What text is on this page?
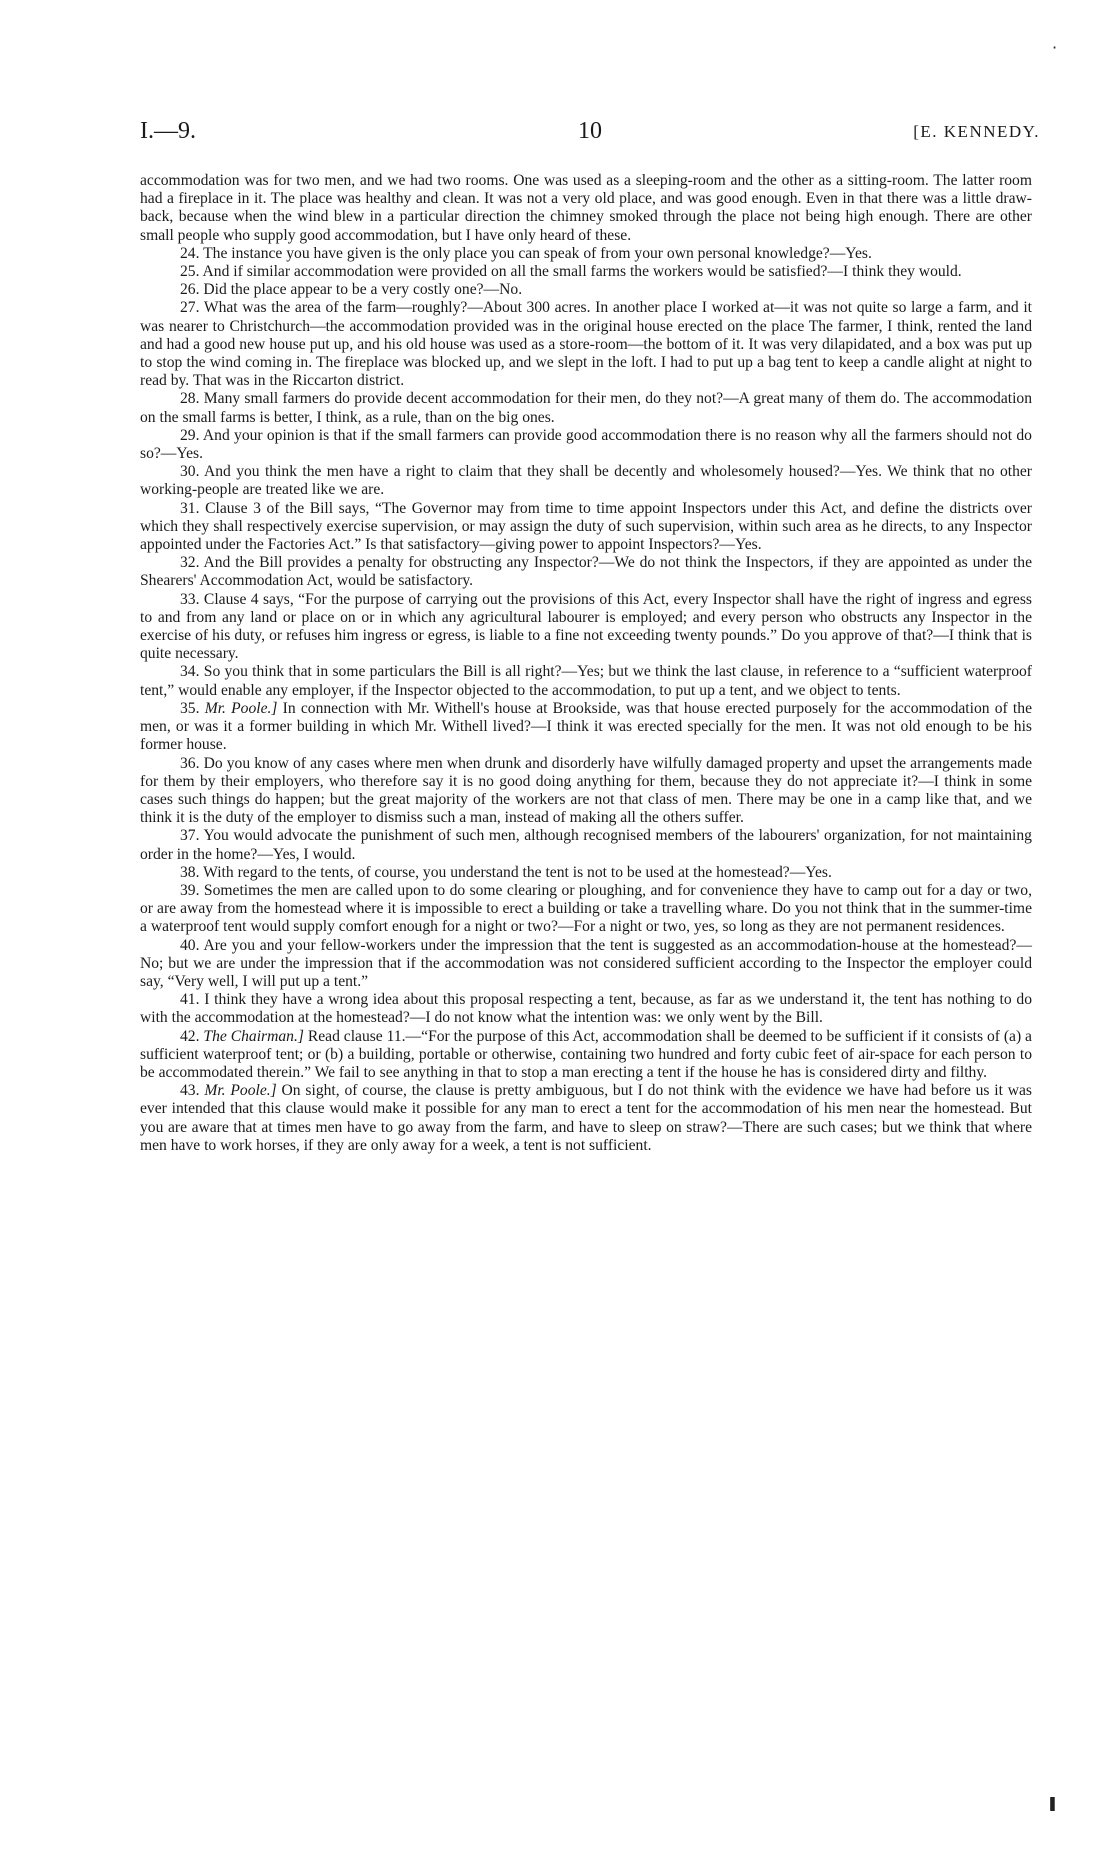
I.—9.	10	[E. KENNEDY.

accommodation was for two men, and we had two rooms. One was used as a sleeping-room and the other as a sitting-room. The latter room had a fireplace in it. The place was healthy and clean. It was not a very old place, and was good enough. Even in that there was a little draw-back, because when the wind blew in a particular direction the chimney smoked through the place not being high enough. There are other small people who supply good accommodation, but I have only heard of these.

24. The instance you have given is the only place you can speak of from your own personal knowledge?—Yes.

25. And if similar accommodation were provided on all the small farms the workers would be satisfied?—I think they would.

26. Did the place appear to be a very costly one?—No.

27. What was the area of the farm—roughly?—About 300 acres. In another place I worked at—it was not quite so large a farm, and it was nearer to Christchurch—the accommodation provided was in the original house erected on the place The farmer, I think, rented the land and had a good new house put up, and his old house was used as a store-room—the bottom of it. It was very dilapidated, and a box was put up to stop the wind coming in. The fireplace was blocked up, and we slept in the loft. I had to put up a bag tent to keep a candle alight at night to read by. That was in the Riccarton district.

28. Many small farmers do provide decent accommodation for their men, do they not?—A great many of them do. The accommodation on the small farms is better, I think, as a rule, than on the big ones.

29. And your opinion is that if the small farmers can provide good accommodation there is no reason why all the farmers should not do so?—Yes.

30. And you think the men have a right to claim that they shall be decently and wholesomely housed?—Yes. We think that no other working-people are treated like we are.

31. Clause 3 of the Bill says, “The Governor may from time to time appoint Inspectors under this Act, and define the districts over which they shall respectively exercise supervision, or may assign the duty of such supervision, within such area as he directs, to any Inspector appointed under the Factories Act.” Is that satisfactory—giving power to appoint Inspectors?—Yes.

32. And the Bill provides a penalty for obstructing any Inspector?—We do not think the Inspectors, if they are appointed as under the Shearers' Accommodation Act, would be satisfactory.

33. Clause 4 says, “For the purpose of carrying out the provisions of this Act, every Inspector shall have the right of ingress and egress to and from any land or place on or in which any agricultural labourer is employed; and every person who obstructs any Inspector in the exercise of his duty, or refuses him ingress or egress, is liable to a fine not exceeding twenty pounds.” Do you approve of that?—I think that is quite necessary.

34. So you think that in some particulars the Bill is all right?—Yes; but we think the last clause, in reference to a “sufficient waterproof tent,” would enable any employer, if the Inspector objected to the accommodation, to put up a tent, and we object to tents.

35. Mr. Poole.] In connection with Mr. Withell's house at Brookside, was that house erected purposely for the accommodation of the men, or was it a former building in which Mr. Withell lived?—I think it was erected specially for the men. It was not old enough to be his former house.

36. Do you know of any cases where men when drunk and disorderly have wilfully damaged property and upset the arrangements made for them by their employers, who therefore say it is no good doing anything for them, because they do not appreciate it?—I think in some cases such things do happen; but the great majority of the workers are not that class of men. There may be one in a camp like that, and we think it is the duty of the employer to dismiss such a man, instead of making all the others suffer.

37. You would advocate the punishment of such men, although recognised members of the labourers' organization, for not maintaining order in the home?—Yes, I would.

38. With regard to the tents, of course, you understand the tent is not to be used at the homestead?—Yes.

39. Sometimes the men are called upon to do some clearing or ploughing, and for convenience they have to camp out for a day or two, or are away from the homestead where it is impossible to erect a building or take a travelling whare. Do you not think that in the summer-time a waterproof tent would supply comfort enough for a night or two?—For a night or two, yes, so long as they are not permanent residences.

40. Are you and your fellow-workers under the impression that the tent is suggested as an accommodation-house at the homestead?—No; but we are under the impression that if the accommodation was not considered sufficient according to the Inspector the employer could say, “Very well, I will put up a tent.”

41. I think they have a wrong idea about this proposal respecting a tent, because, as far as we understand it, the tent has nothing to do with the accommodation at the homestead?—I do not know what the intention was: we only went by the Bill.

42. The Chairman.] Read clause 11.—“For the purpose of this Act, accommodation shall be deemed to be sufficient if it consists of (a) a sufficient waterproof tent; or (b) a building, portable or otherwise, containing two hundred and forty cubic feet of air-space for each person to be accommodated therein.” We fail to see anything in that to stop a man erecting a tent if the house he has is considered dirty and filthy.

43. Mr. Poole.] On sight, of course, the clause is pretty ambiguous, but I do not think with the evidence we have had before us it was ever intended that this clause would make it possible for any man to erect a tent for the accommodation of his men near the homestead. But you are aware that at times men have to go away from the farm, and have to sleep on straw?—There are such cases; but we think that where men have to work horses, if they are only away for a week, a tent is not sufficient.

·
ı
